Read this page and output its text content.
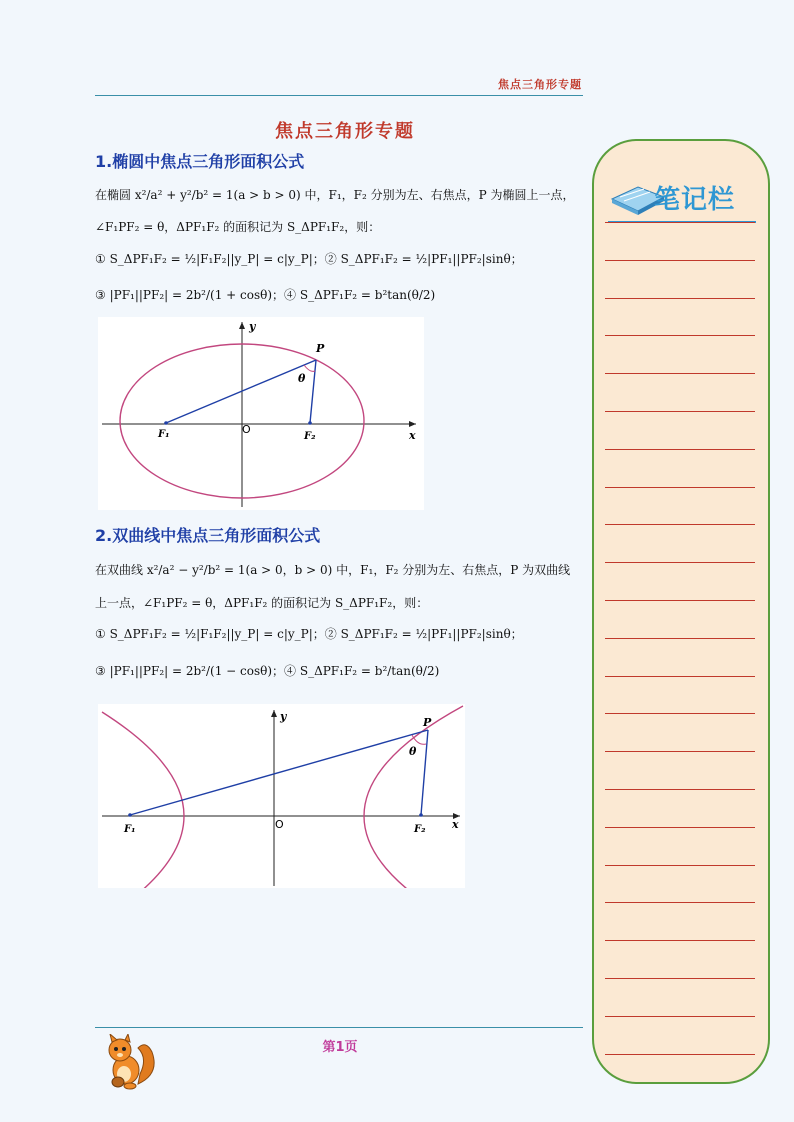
焦点三角形专题
焦点三角形专题
1.椭圆中焦点三角形面积公式
在椭圆 x²/a² + y²/b² = 1(a > b > 0) 中，F₁，F₂ 分别为左、右焦点，P 为椭圆上一点，
∠F₁PF₂ = θ，ΔPF₁F₂ 的面积记为 S_ΔPF₁F₂，则：
① S_ΔPF₁F₂ = ½|F₁F₂||y_P| = c|y_P|；② S_ΔPF₁F₂ = ½|PF₁||PF₂|sinθ；
③ |PF₁||PF₂| = 2b²/(1 + cosθ)；④ S_ΔPF₁F₂ = b²tan(θ/2)
y
x
O
F₁	F₂
P
θ
2.双曲线中焦点三角形面积公式
在双曲线 x²/a² − y²/b² = 1(a > 0，b > 0) 中，F₁，F₂ 分别为左、右焦点，P 为双曲线
上一点，∠F₁PF₂ = θ，ΔPF₁F₂ 的面积记为 S_ΔPF₁F₂，则：
① S_ΔPF₁F₂ = ½|F₁F₂||y_P| = c|y_P|；② S_ΔPF₁F₂ = ½|PF₁||PF₂|sinθ；
③ |PF₁||PF₂| = 2b²/(1 − cosθ)；④ S_ΔPF₁F₂ = b²/tan(θ/2)
y
x
O
F₁	F₂
P
θ
笔记栏
第1页
